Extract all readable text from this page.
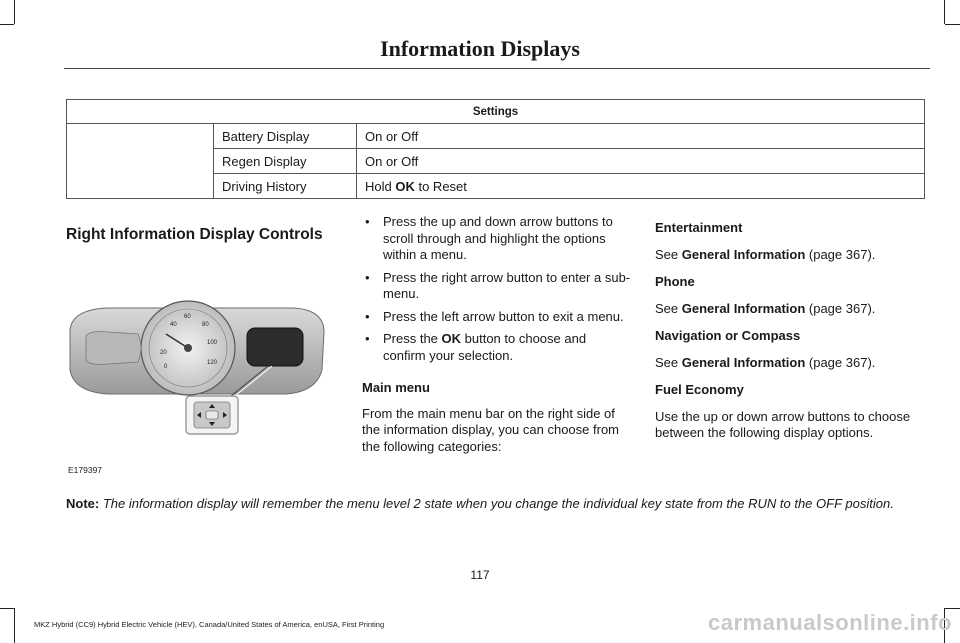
Information Displays
Settings		
	Battery Display	On or Off
	Regen Display	On or Off
	Driving History	Hold OK to Reset
Right Information Display Controls
20
40
60
80
100
120
0
E179397
• Press the up and down arrow buttons to scroll through and highlight the options within a menu.
• Press the right arrow button to enter a sub-menu.
• Press the left arrow button to exit a menu.
• Press the OK button to choose and confirm your selection.
Main menu
From the main menu bar on the right side of the information display, you can choose from the following categories:
Entertainment
See General Information (page 367).
Phone
See General Information (page 367).
Navigation or Compass
See General Information (page 367).
Fuel Economy
Use the up or down arrow buttons to choose between the following display options.
Note: The information display will remember the menu level 2 state when you change the individual key state from the RUN to the OFF position.
117
MKZ Hybrid (CC9) Hybrid Electric Vehicle (HEV), Canada/United States of America, enUSA, First Printing	carmanualsonline.info
